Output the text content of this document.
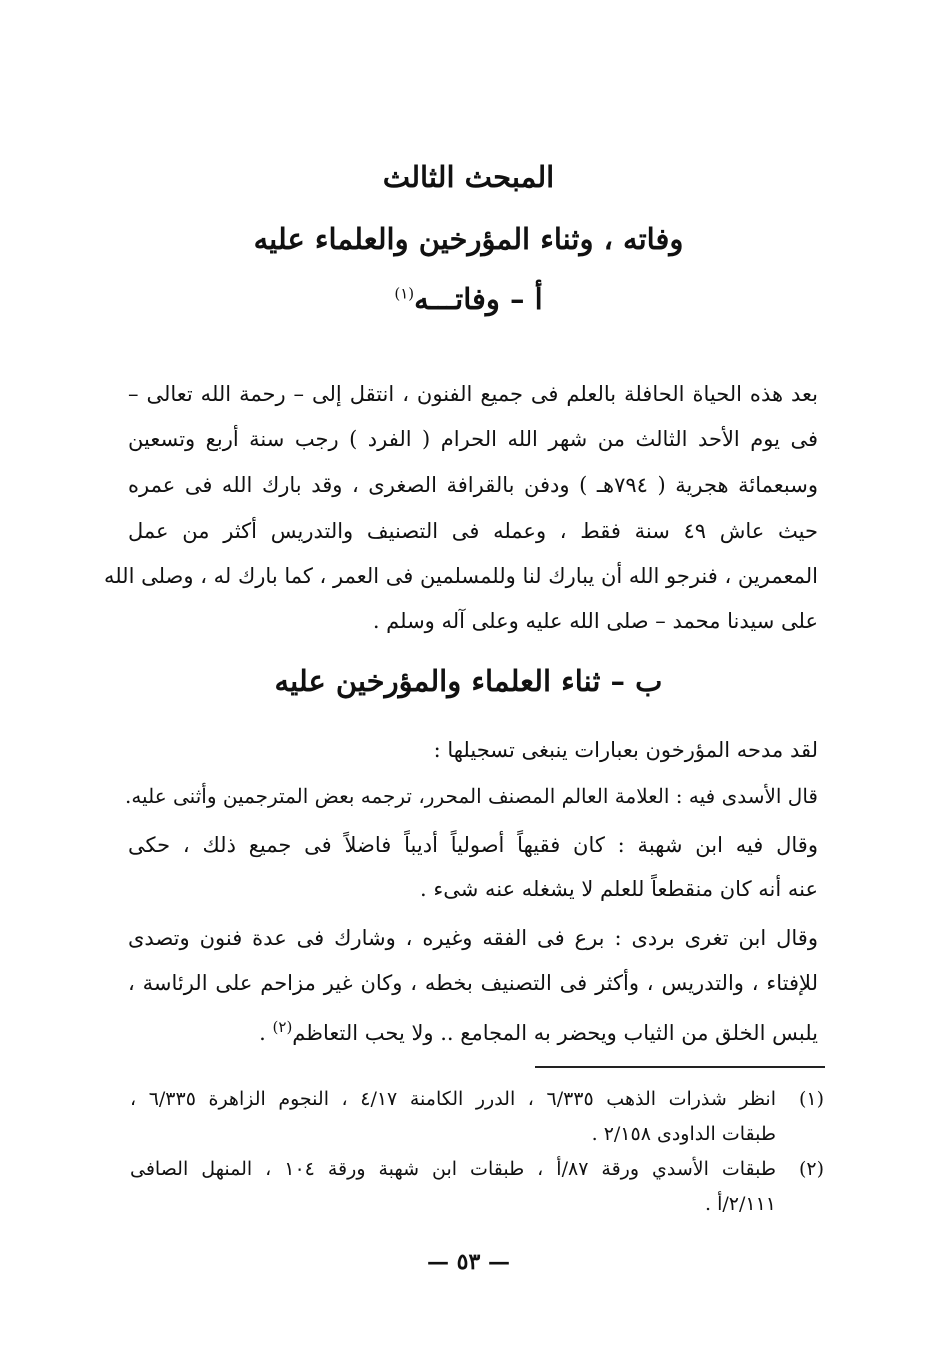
المبحث الثالث
وفاته ، وثناء المؤرخين والعلماء عليه
أ – وفاتـــه$^{(١)}$
بعد هذه الحياة الحافلة بالعلم فى جميع الفنون ، انتقل إلى – رحمة الله تعالى –
فى يوم الأحد الثالث من شهر الله الحرام ( الفرد ) رجب سنة أربع وتسعين
وسبعمائة هجرية ( ٧٩٤هـ ) ودفن بالقرافة الصغرى ، وقد بارك الله فى عمره
حيث عاش ٤٩ سنة فقط ، وعمله فى التصنيف والتدريس أكثر من عمل
المعمرين ، فنرجو الله أن يبارك لنا وللمسلمين فى العمر ، كما بارك له ، وصلى الله
على سيدنا محمد – صلى الله عليه وعلى آله وسلم .
ب – ثناء العلماء والمؤرخين عليه
لقد مدحه المؤرخون بعبارات ينبغى تسجيلها :
قال الأسدى فيه : العلامة العالم المصنف المحرر، ترجمه بعض المترجمين وأثنى عليه.
وقال فيه ابن شهبة : كان فقيهاً أصولياً أديباً فاضلاً فى جميع ذلك ، حكى
عنه أنه كان منقطعاً للعلم لا يشغله عنه شىء .
وقال ابن تغرى بردى : برع فى الفقه وغيره ، وشارك فى عدة فنون وتصدى
للإفتاء ، والتدريس ، وأكثر فى التصنيف بخطه ، وكان غير مزاحم على الرئاسة ،
يلبس الخلق من الثياب ويحضر به المجامع .. ولا يحب التعاظم$^{(٢)}$ .
(١)
انظر شذرات الذهب ٦/٣٣٥ ، الدرر الكامنة ٤/١٧ ، النجوم الزاهرة ٦/٣٣٥ ،
طبقات الداودى ٢/١٥٨ .
(٢)
طبقات الأسدي ورقة ٨٧/أ ، طبقات ابن شهبة ورقة ١٠٤ ، المنهل الصافى
٢/١١١/أ .
— ٥٣ —
